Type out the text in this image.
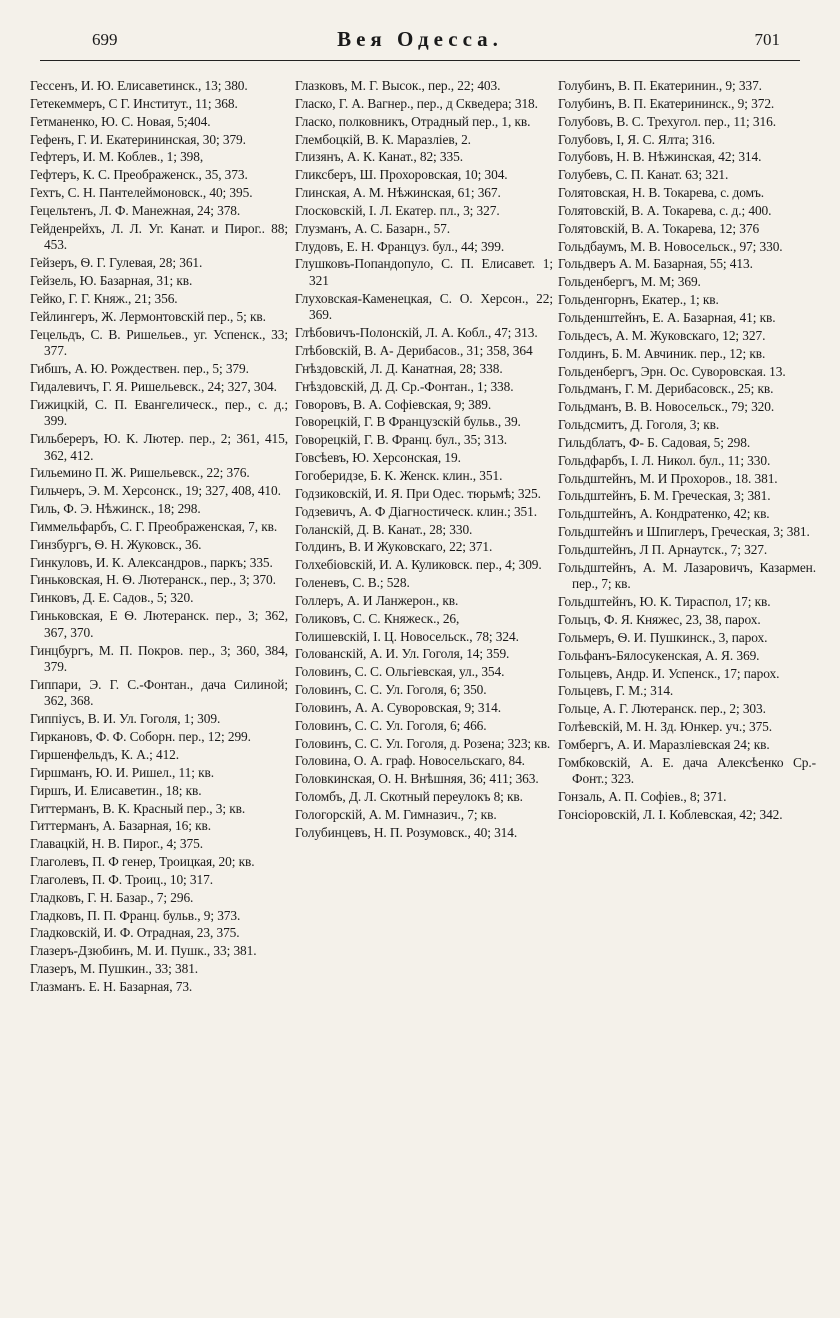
699	Вея Одесса.	701

Гессенъ, И. Ю. Елисаветинск., 13; 380.

Гетекеммеръ, С Г. Институт., 11; 368.

Гетманенко, Ю. С. Новая, 5;404.

Гефенъ, Г. И. Екатерининская, 30; 379.

Гефтеръ, И. М. Коблев., 1; 398,

Гефтеръ, К. С. Преображенск., 35, 373.

Гехтъ, С. Н. Пантелеймоновск., 40; 395.

Гецельтенъ, Л. Ф. Манежная, 24; 378.

Гейденрейхъ, Л. Л. Уг. Канат. и Пирог.. 88; 453.

Гейзеръ, Ѳ. Г. Гулевая, 28; 361.

Гейзель, Ю. Базарная, 31; кв.

Гейко, Г. Г. Княж., 21; 356.

Гейлингеръ, Ж. Лермонтовскій пер., 5; кв.

Гецельдъ, С. В. Ришельев., уг. Успенск., 33; 377.

Гибшъ, А. Ю. Рождествен. пер., 5; 379.

Гидалевичъ, Г. Я. Ришельевск., 24; 327, 304.

Гижицкій, С. П. Евангелическ., пер., с. д.; 399.

Гильбереръ, Ю. К. Лютер. пер., 2; 361, 415, 362, 412.

Гильемино П. Ж. Ришельевск., 22; 376.

Гильчеръ, Э. М. Херсонск., 19; 327, 408, 410.

Гиль, Ф. Э. Нѣжинск., 18; 298.

Гиммельфарбъ, С. Г. Преображенская, 7, кв.

Гинзбургъ, Ѳ. Н. Жуковск., 36.

Гинкуловъ, И. К. Александров., паркъ; 335.

Гиньковская, Н. Ѳ. Лютеранск., пер., 3; 370.

Гинковъ, Д. Е. Садов., 5; 320.

Гиньковская, Е Ѳ. Лютеранск. пер., 3; 362, 367, 370.

Гинцбургъ, М. П. Покров. пер., 3; 360, 384, 379.

Гиппари, Э. Г. С.-Фонтан., дача Силиной; 362, 368.

Гиппіусъ, В. И. Ул. Гоголя, 1; 309.

Гиркановъ, Ф. Ф. Соборн. пер., 12; 299.

Гиршенфельдъ, К. А.; 412.

Гиршманъ, Ю. И. Ришел., 11; кв.

Гиршъ, И. Елисаветин., 18; кв.

Гиттерманъ, В. К. Красный пер., 3; кв.

Гиттерманъ, А. Базарная, 16; кв.

Главацкій, Н. В. Пирог., 4; 375.

Глаголевъ, П. Ф генер, Троицкая, 20; кв.

Глаголевъ, П. Ф. Троиц., 10; 317.

Гладковъ, Г. Н. Базар., 7; 296.

Гладковъ, П. П. Франц. бульв., 9; 373.

Гладковскій, И. Ф. Отрадная, 23, 375.

Глазеръ-Дзюбинъ, М. И. Пушк., 33; 381.

Глазеръ, М. Пушкин., 33; 381.

Глазманъ. Е. Н. Базарная, 73.

Глазковъ, М. Г. Высок., пер., 22; 403.

Гласко, Г. А. Вагнер., пер., д Скведера; 318.

Гласко, полковникъ, Отрадный пер., 1, кв.

Глембоцкій, В. К. Маразліев, 2.

Глизянъ, А. К. Канат., 82; 335.

Гликсберъ, Ш. Прохоровская, 10; 304.

Глинская, А. М. Нѣжинская, 61; 367.

Глосковскій, І. Л. Екатер. пл., 3; 327.

Глузманъ, А. С. Базарн., 57.

Глудовъ, Е. Н. Француз. бул., 44; 399.

Глушковъ-Попандопуло, С. П. Елисавет. 1; 321

Глуховская-Каменецкая, С. О. Херсон., 22; 369.

Глѣбовичъ-Полонскій, Л. А. Кобл., 47; 313.

Глѣбовскій, В. А- Дерибасов., 31; 358, 364

Гнѣздовскій, Л. Д. Канатная, 28; 338.

Гнѣздовскій, Д. Д. Ср.-Фонтан., 1; 338.

Говоровъ, В. А. Софіевская, 9; 389.

Говорецкій, Г. В Французскій бульв., 39.

Говорецкій, Г. В. Франц. бул., 35; 313.

Говсѣевъ, Ю. Херсонская, 19.

Гогоберидзе, Б. К. Женск. клин., 351.

Годзиковскій, И. Я. При Одес. тюрьмѣ; 325.

Годзевичъ, А. Ф Діагностическ. клин.; 351.

Голанскій, Д. В. Канат., 28; 330.

Голдинъ, В. И Жуковскаго, 22; 371.

Голхебіовскій, И. А. Куликовск. пер., 4; 309.

Голеневъ, С. В.; 528.

Голлеръ, А. И Ланжерон., кв.

Голиковъ, С. С. Княжеск., 26,

Голишевскій, І. Ц. Новосельск., 78; 324.

Голованскій, А. И. Ул. Гоголя, 14; 359.

Головинъ, С. С. Ольгіевская, ул., 354.

Головинъ, С. С. Ул. Гоголя, 6; 350.

Головинъ, А. А. Суворовская, 9; 314.

Головинъ, С. С. Ул. Гоголя, 6; 466.

Головинъ, С. С. Ул. Гоголя, д. Розена; 323; кв.

Головина, О. А. граф. Новосельскаго, 84.

Головкинская, О. Н. Внѣшняя, 36; 411; 363.

Голомбъ, Д. Л. Скотный переулокъ 8; кв.

Гологорскій, А. М. Гимназич., 7; кв.

Голубинцевъ, Н. П. Розумовск., 40; 314.

Голубинъ, В. П. Екатеринин., 9; 337.

Голубинъ, В. П. Екатерининск., 9; 372.

Голубовъ, В. С. Трехугол. пер., 11; 316.

Голубовъ, І, Я. С. Ялта; 316.

Голубовъ, Н. В. Нѣжинская, 42; 314.

Голубевъ, С. П. Канат. 63; 321.

Голятовская, Н. В. Токарева, с. домъ.

Голятовскій, В. А. Токарева, с. д.; 400.

Голятовскій, В. А. Токарева, 12; 376

Гольдбаумъ, М. В. Новосельск., 97; 330.

Гольдверъ А. М. Базарная, 55; 413.

Гольденбергъ, М. М; 369.

Гольденгорнъ, Екатер., 1; кв.

Гольденштейнъ, Е. А. Базарная, 41; кв.

Гольдесъ, А. М. Жуковскаго, 12; 327.

Голдинъ, Б. М. Авчиник. пер., 12; кв.

Гольденбергъ, Эрн. Ос. Суворовская. 13.

Гольдманъ, Г. М. Дерибасовск., 25; кв.

Гольдманъ, В. В. Новосельск., 79; 320.

Гольдсмитъ, Д. Гоголя, 3; кв.

Гильдблатъ, Ф- Б. Садовая, 5; 298.

Гольдфарбъ, І. Л. Никол. бул., 11; 330.

Гольдштейнъ, М. И Прохоров., 18. 381.

Гольдштейнъ, Б. М. Греческая, 3; 381.

Гольдштейнъ, А. Кондратенко, 42; кв.

Гольдштейнъ и Шпиглеръ, Греческая, 3; 381.

Гольдштейнъ, Л П. Арнаутск., 7; 327.

Гольдштейнъ, А. М. Лазаровичъ, Казармен. пер., 7; кв.

Гольдштейнъ, Ю. К. Тираспол, 17; кв.

Гольцъ, Ф. Я. Княжес, 23, 38, парох.

Гольмеръ, Ѳ. И. Пушкинск., 3, парох.

Гольфанъ-Бялосукенская, А. Я. 369.

Гольцевъ, Андр. И. Успенск., 17; парох.

Гольцевъ, Г. М.; 314.

Гольце, А. Г. Лютеранск. пер., 2; 303.

Голѣевскій, М. Н. Зд. Юнкер. уч.; 375.

Гомбергъ, А. И. Маразліевская 24; кв.

Гомбковскій, А. Е. дача Алексѣенко Ср.-Фонт.; 323.

Гонзаль, А. П. Софіев., 8; 371.

Гонсіоровскій, Л. І. Коблевская, 42; 342.
